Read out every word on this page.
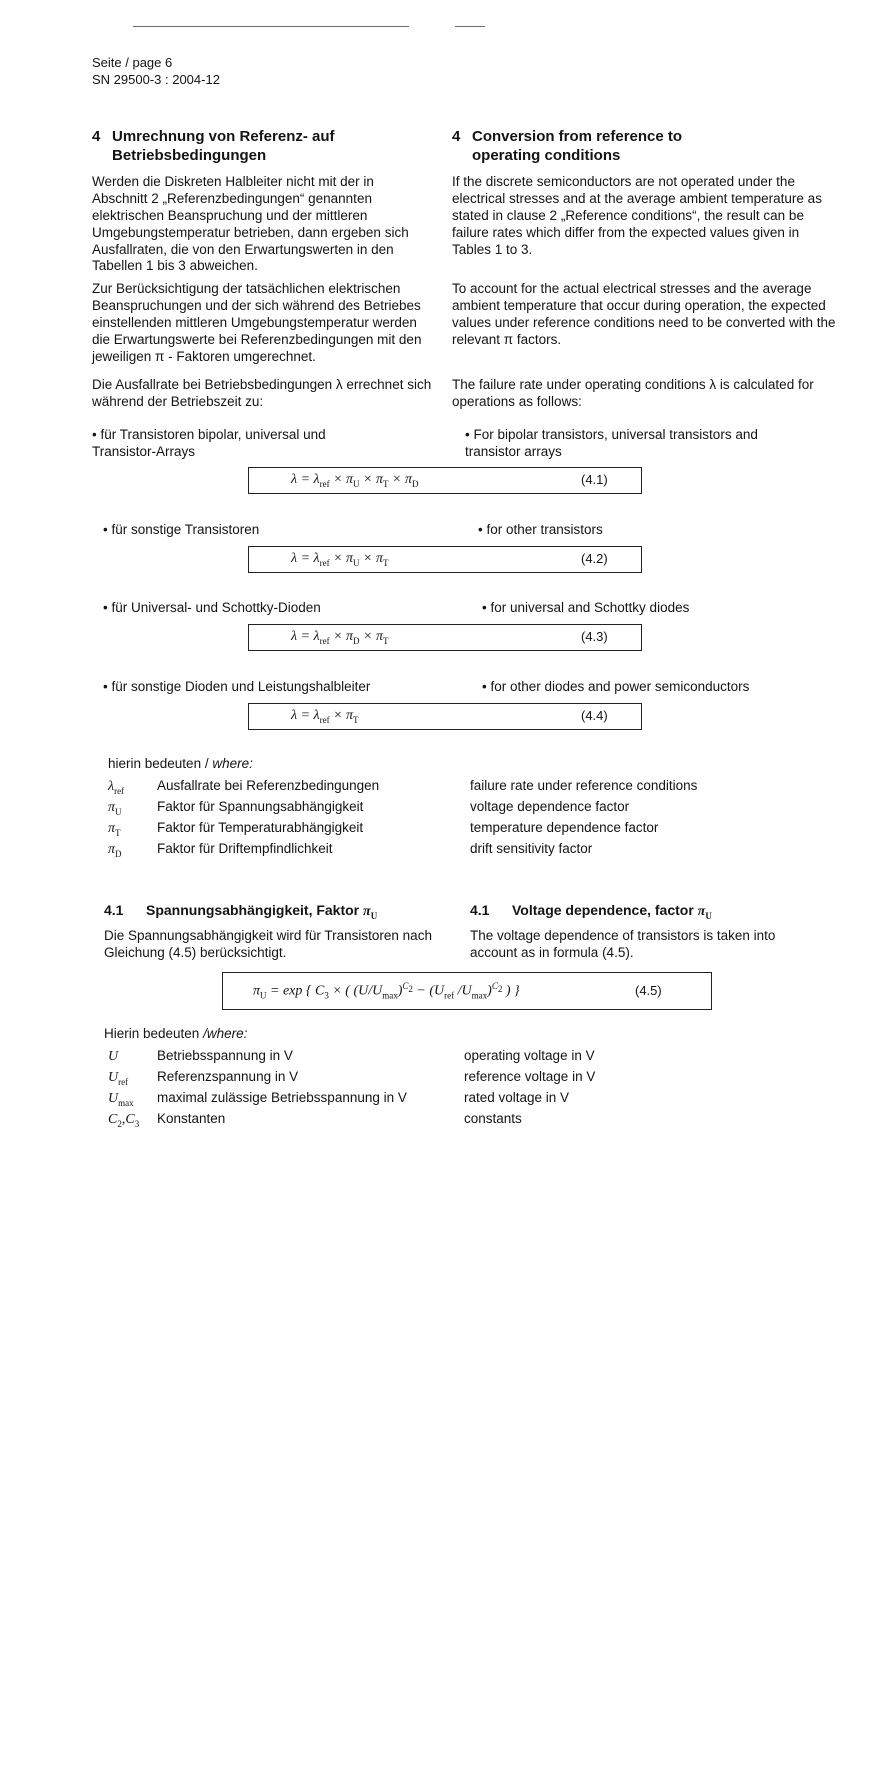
Seite / page 6
SN 29500-3 : 2004-12
4 Umrechnung von Referenz- auf
Betriebsbedingungen
4 Conversion from reference to
operating conditions
Werden die Diskreten Halbleiter nicht mit der in Abschnitt 2 „Referenzbedingungen“ genannten elektrischen Beanspruchung und der mittleren Umgebungstemperatur betrieben, dann ergeben sich Ausfallraten, die von den Erwartungswerten in den Tabellen 1 bis 3 abweichen.
If the discrete semiconductors are not operated under the electrical stresses and at the average ambient temperature as stated in clause 2 „Reference conditions“, the result can be failure rates which differ from the expected values given in Tables 1 to 3.
Zur Berücksichtigung der tatsächlichen elektrischen Beanspruchungen und der sich während des Betriebes einstellenden mittleren Umgebungstemperatur werden die Erwartungswerte bei Referenzbedingungen mit den jeweiligen π - Faktoren umgerechnet.
To account for the actual electrical stresses and the average ambient temperature that occur during operation, the expected values under reference conditions need to be converted with the relevant π factors.
Die Ausfallrate bei Betriebsbedingungen λ errechnet sich während der Betriebszeit zu:
The failure rate under operating conditions λ is calculated for operations as follows:
• für Transistoren bipolar, universal und Transistor-Arrays
• For bipolar transistors, universal transistors and transistor arrays
$\lambda = \lambda_{ref} \times \pi_U \times \pi_T \times \pi_D$	(4.1)
• für sonstige Transistoren	• for other transistors
$\lambda = \lambda_{ref} \times \pi_U \times \pi_T$	(4.2)
• für Universal- und Schottky-Dioden	• for universal and Schottky diodes
$\lambda = \lambda_{ref} \times \pi_D \times \pi_T$	(4.3)
• für sonstige Dioden und Leistungshalbleiter	• for other diodes and power semiconductors
$\lambda = \lambda_{ref} \times \pi_T$	(4.4)
hierin bedeuten / where:
$\lambda_{ref}$ Ausfallrate bei Referenzbedingungen	failure rate under reference conditions
$\pi_U$	Faktor für Spannungsabhängigkeit	voltage dependence factor
$\pi_T$	Faktor für Temperaturabhängigkeit	temperature dependence factor
$\pi_D$	Faktor für Driftempfindlichkeit	drift sensitivity factor
4.1 Spannungsabhängigkeit, Faktor $\pi_U$	4.1 Voltage dependence, factor $\pi_U$
Die Spannungsabhängigkeit wird für Transistoren nach Gleichung (4.5) berücksichtigt.
The voltage dependence of transistors is taken into account as in formula (4.5).
$\pi_U = \exp$ { $C_3$ × ( $(U/U_{max})^{C_2} - (U_{ref}$ $/U_{max})^{C_2}$ ) }	(4.5)
Hierin bedeuten /where:
U	Betriebsspannung in V	operating voltage in V
$U_{ref}$ Referenzspannung in V	reference voltage in V
$U_{max}$ maximal zulässige Betriebsspannung in V	rated voltage in V
$C_2,C_3$ Konstanten	constants
